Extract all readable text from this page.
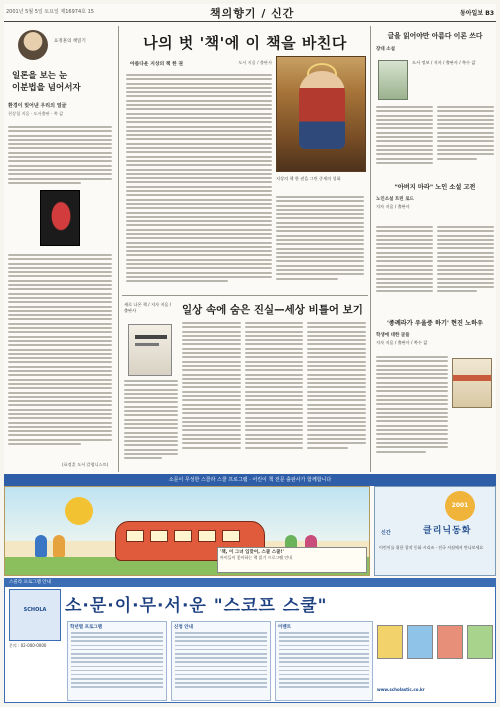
2001년 5월 5일 토요일 제16974호 15	책의향기 / 신간	동아일보 B3
표정훈의 책읽기
일론을 보는 눈
이분법을 넘어서자
환경이 빚어낸 우리의 얼굴
천상철 지음 · 도서출판 · 쪽 값
(표정훈 도서 칼럼니스트)
나의 벗 '책'에 이 책을 바친다
아름다운 지상의 책 한 권	도서 지음 / 출판사
지상의 책 한 권을 그린 중세의 성화
새로 나온 책 / 저자 지음 / 출판사	일상 속에 숨은 진실—세상 비틀어 보기
글을 읽어야만 아름다 이론 쓰다
장대 소설
도서 정보 / 저자 / 출판사 / 쪽수 값
"아버지 마라" 노인 소설 고전
노인소설 트린 로드
저자 지음 / 출판사
'종례라가 우울증 하기' 현진 노하우
학생에 대한 글들
저자 지음 / 출판사 / 쪽수 값
소문이 무성한 스콜라 스쿨 프로그램 · 어린이 책 전문 출판사가 함께합니다
'책, 이 그녀 입맞어, 스쿨 스쿨!'
아이들이 좋아하는 책 읽기 프로그램 안내
2001
신간	클리닉동화
어린이를 위한 창작 동화 시리즈 · 전국 서점에서 만나보세요
스콜라 프로그램 안내
SCHOLA	소·문·이·무·서·운 "스코프 스쿨"
문의 : 02-000-0000
학년별 프로그램	신청 안내	이벤트
www.scholastic.co.kr
